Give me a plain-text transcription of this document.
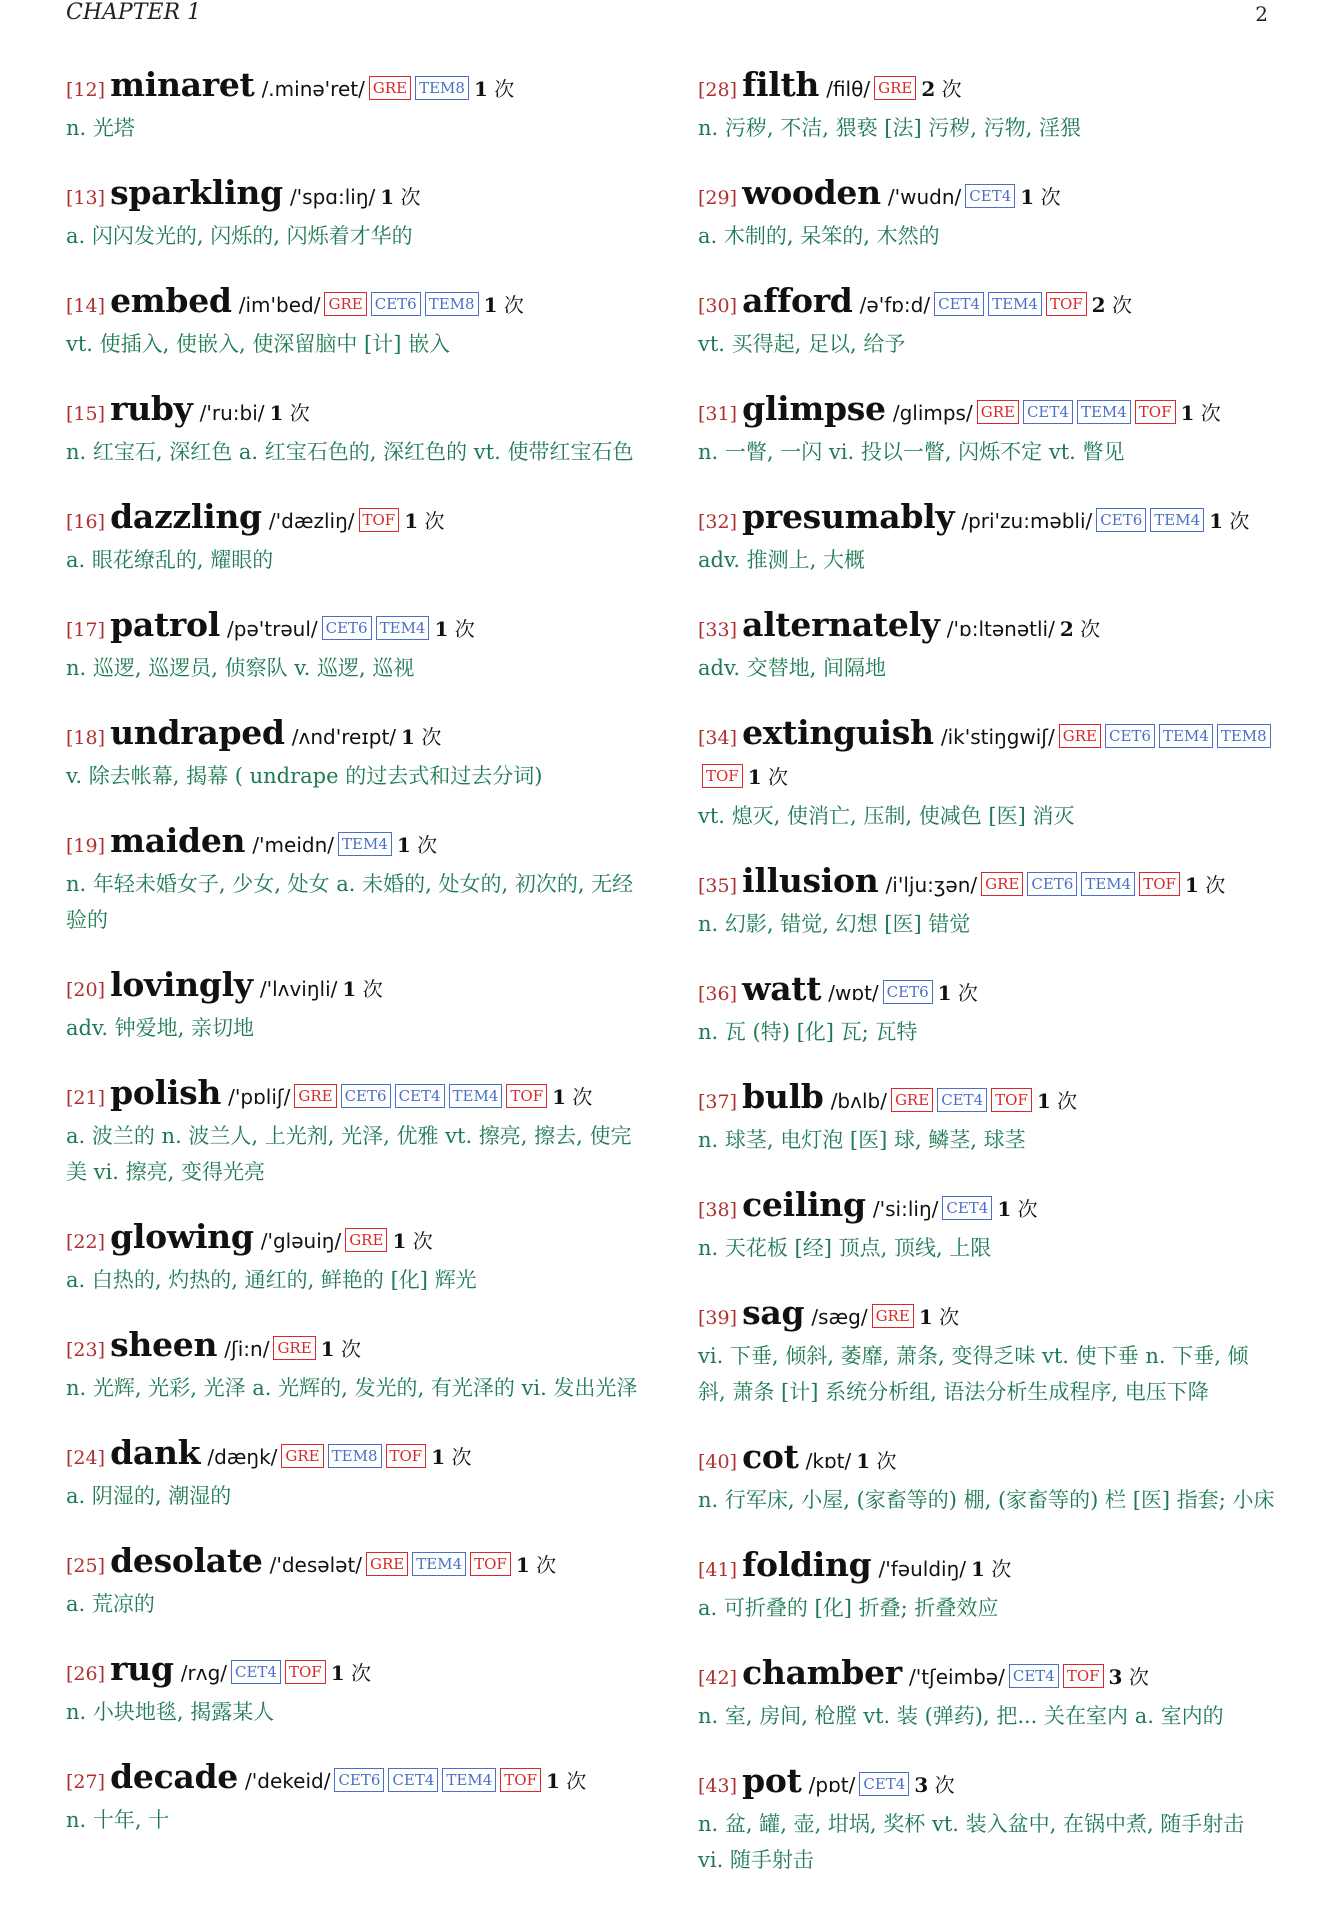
CHAPTER 1	2
[12] minaret /.minə'ret/ GRE TEM8 1 次
n. 光塔
[13] sparkling /'spɑ:liŋ/ 1 次
a. 闪闪发光的, 闪烁的, 闪烁着才华的
[14] embed /im'bed/ GRE CET6 TEM8 1 次
vt. 使插入, 使嵌入, 使深留脑中 [计] 嵌入
[15] ruby /'ru:bi/ 1 次
n. 红宝石, 深红色 a. 红宝石色的, 深红色的 vt. 使带红宝石色
[16] dazzling /'dæzliŋ/ TOF 1 次
a. 眼花缭乱的, 耀眼的
[17] patrol /pə'trəul/ CET6 TEM4 1 次
n. 巡逻, 巡逻员, 侦察队 v. 巡逻, 巡视
[18] undraped /ʌnd'reɪpt/ 1 次
v. 除去帐幕, 揭幕 ( undrape 的过去式和过去分词)
[19] maiden /'meidn/ TEM4 1 次
n. 年轻未婚女子, 少女, 处女 a. 未婚的, 处女的, 初次的, 无经验的
[20] lovingly /'lʌviŋli/ 1 次
adv. 钟爱地, 亲切地
[21] polish /'pɒliʃ/ GRE CET6 CET4 TEM4 TOF 1 次
a. 波兰的 n. 波兰人, 上光剂, 光泽, 优雅 vt. 擦亮, 擦去, 使完美 vi. 擦亮, 变得光亮
[22] glowing /'gləuiŋ/ GRE 1 次
a. 白热的, 灼热的, 通红的, 鲜艳的 [化] 辉光
[23] sheen /ʃi:n/ GRE 1 次
n. 光辉, 光彩, 光泽 a. 光辉的, 发光的, 有光泽的 vi. 发出光泽
[24] dank /dæŋk/ GRE TEM8 TOF 1 次
a. 阴湿的, 潮湿的
[25] desolate /'desələt/ GRE TEM4 TOF 1 次
a. 荒凉的
[26] rug /rʌg/ CET4 TOF 1 次
n. 小块地毯, 揭露某人
[27] decade /'dekeid/ CET6 CET4 TEM4 TOF 1 次
n. 十年, 十
[28] filth /filθ/ GRE 2 次
n. 污秽, 不洁, 猥亵 [法] 污秽, 污物, 淫猥
[29] wooden /'wudn/ CET4 1 次
a. 木制的, 呆笨的, 木然的
[30] afford /ə'fɒ:d/ CET4 TEM4 TOF 2 次
vt. 买得起, 足以, 给予
[31] glimpse /glimps/ GRE CET4 TEM4 TOF 1 次
n. 一瞥, 一闪 vi. 投以一瞥, 闪烁不定 vt. 瞥见
[32] presumably /pri'zu:məbli/ CET6 TEM4 1 次
adv. 推测上, 大概
[33] alternately /'ɒ:ltənətli/ 2 次
adv. 交替地, 间隔地
[34] extinguish /ik'stiŋgwiʃ/ GRE CET6 TEM4 TEM8TOF 1 次
vt. 熄灭, 使消亡, 压制, 使减色 [医] 消灭
[35] illusion /i'lju:ʒən/ GRE CET6 TEM4 TOF 1 次
n. 幻影, 错觉, 幻想 [医] 错觉
[36] watt /wɒt/ CET6 1 次
n. 瓦 (特) [化] 瓦; 瓦特
[37] bulb /bʌlb/ GRE CET4 TOF 1 次
n. 球茎, 电灯泡 [医] 球, 鳞茎, 球茎
[38] ceiling /'si:liŋ/ CET4 1 次
n. 天花板 [经] 顶点, 顶线, 上限
[39] sag /sæg/ GRE 1 次
vi. 下垂, 倾斜, 萎靡, 萧条, 变得乏味 vt. 使下垂 n. 下垂, 倾斜, 萧条 [计] 系统分析组, 语法分析生成程序, 电压下降
[40] cot /kɒt/ 1 次
n. 行军床, 小屋, (家畜等的) 棚, (家畜等的) 栏 [医] 指套; 小床
[41] folding /'fəuldiŋ/ 1 次
a. 可折叠的 [化] 折叠; 折叠效应
[42] chamber /'tʃeimbə/ CET4 TOF 3 次
n. 室, 房间, 枪膛 vt. 装 (弹药), 把... 关在室内 a. 室内的
[43] pot /pɒt/ CET4 3 次
n. 盆, 罐, 壶, 坩埚, 奖杯 vt. 装入盆中, 在锅中煮, 随手射击 vi. 随手射击
